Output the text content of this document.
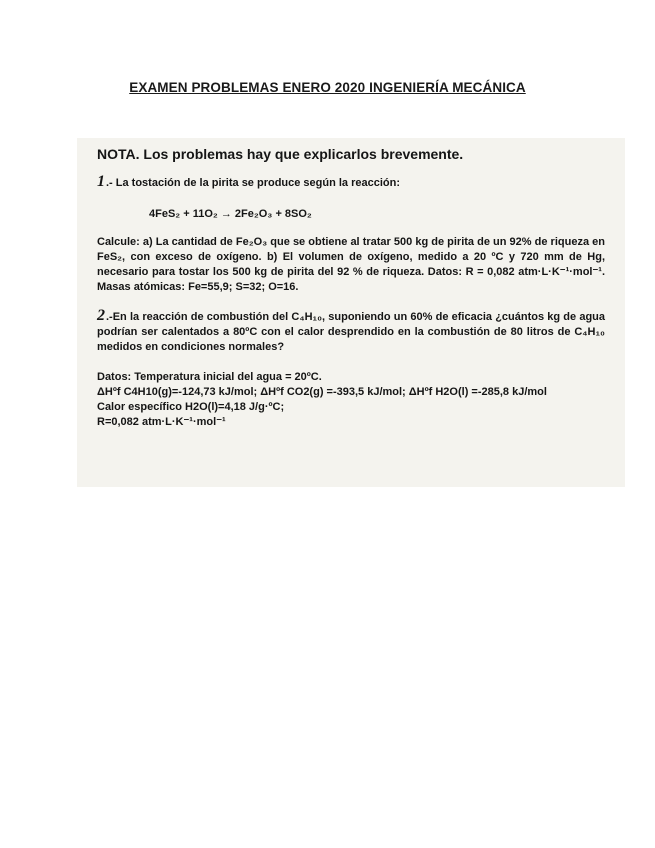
EXAMEN PROBLEMAS ENERO 2020 INGENIERÍA MECÁNICA
NOTA. Los problemas hay que explicarlos brevemente.
1.- La tostación de la pirita se produce según la reacción:
4FeS₂ + 11O₂ → 2Fe₂O₃ + 8SO₂
Calcule: a) La cantidad de Fe₂O₃ que se obtiene al tratar 500 kg de pirita de un 92% de riqueza en FeS₂, con exceso de oxígeno. b) El volumen de oxígeno, medido a 20 ºC y 720 mm de Hg, necesario para tostar los 500 kg de pirita del 92 % de riqueza. Datos: R = 0,082 atm·L·K⁻¹·mol⁻¹. Masas atómicas: Fe=55,9; S=32; O=16.
2.-En la reacción de combustión del C₄H₁₀, suponiendo un 60% de eficacia ¿cuántos kg de agua podrían ser calentados a 80ºC con el calor desprendido en la combustión de 80 litros de C₄H₁₀ medidos en condiciones normales?
Datos: Temperatura inicial del agua = 20ºC.
ΔHºf C4H10(g)=-124,73 kJ/mol; ΔHºf CO2(g) =-393,5 kJ/mol; ΔHºf H2O(l) =-285,8 kJ/mol
Calor específico H2O(l)=4,18 J/g·ºC;
R=0,082 atm·L·K⁻¹·mol⁻¹
